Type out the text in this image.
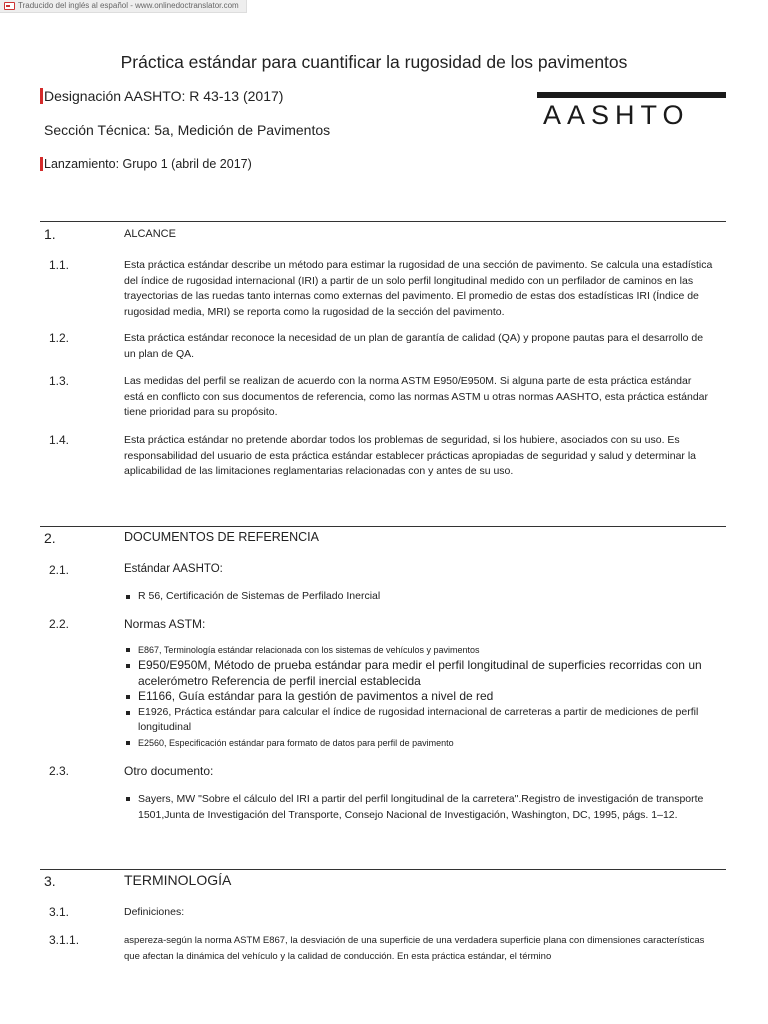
Traducido del inglés al español - www.onlinedoctranslator.com
Práctica estándar para cuantificar la rugosidad de los pavimentos
Designación AASHTO: R 43-13 (2017)
Sección Técnica: 5a, Medición de Pavimentos
Lanzamiento: Grupo 1 (abril de 2017)
AASHTO
1.	ALCANCE
1.1.	Esta práctica estándar describe un método para estimar la rugosidad de una sección de pavimento. Se calcula una estadística del índice de rugosidad internacional (IRI) a partir de un solo perfil longitudinal medido con un perfilador de caminos en las trayectorias de las ruedas tanto internas como externas del pavimento. El promedio de estas dos estadísticas IRI (Índice de rugosidad media, MRI) se reporta como la rugosidad de la sección del pavimento.
1.2.	Esta práctica estándar reconoce la necesidad de un plan de garantía de calidad (QA) y propone pautas para el desarrollo de un plan de QA.
1.3.	Las medidas del perfil se realizan de acuerdo con la norma ASTM E950/E950M. Si alguna parte de esta práctica estándar está en conflicto con sus documentos de referencia, como las normas ASTM u otras normas AASHTO, esta práctica estándar tiene prioridad para su propósito.
1.4.	Esta práctica estándar no pretende abordar todos los problemas de seguridad, si los hubiere, asociados con su uso. Es responsabilidad del usuario de esta práctica estándar establecer prácticas apropiadas de seguridad y salud y determinar la aplicabilidad de las limitaciones reglamentarias relacionadas con y antes de su uso.
2.	DOCUMENTOS DE REFERENCIA
2.1.	Estándar AASHTO:
R 56, Certificación de Sistemas de Perfilado Inercial
2.2.	Normas ASTM:
E867, Terminología estándar relacionada con los sistemas de vehículos y pavimentos
E950/E950M, Método de prueba estándar para medir el perfil longitudinal de superficies recorridas con un acelerómetro Referencia de perfil inercial establecida
E1166, Guía estándar para la gestión de pavimentos a nivel de red
E1926, Práctica estándar para calcular el índice de rugosidad internacional de carreteras a partir de mediciones de perfil longitudinal
E2560, Especificación estándar para formato de datos para perfil de pavimento
2.3.	Otro documento:
Sayers, MW "Sobre el cálculo del IRI a partir del perfil longitudinal de la carretera".Registro de investigación de transporte 1501,Junta de Investigación del Transporte, Consejo Nacional de Investigación, Washington, DC, 1995, págs. 1–12.
3.	TERMINOLOGÍA
3.1.	Definiciones:
3.1.1.	aspereza-según la norma ASTM E867, la desviación de una superficie de una verdadera superficie plana con dimensiones características que afectan la dinámica del vehículo y la calidad de conducción. En esta práctica estándar, el término
